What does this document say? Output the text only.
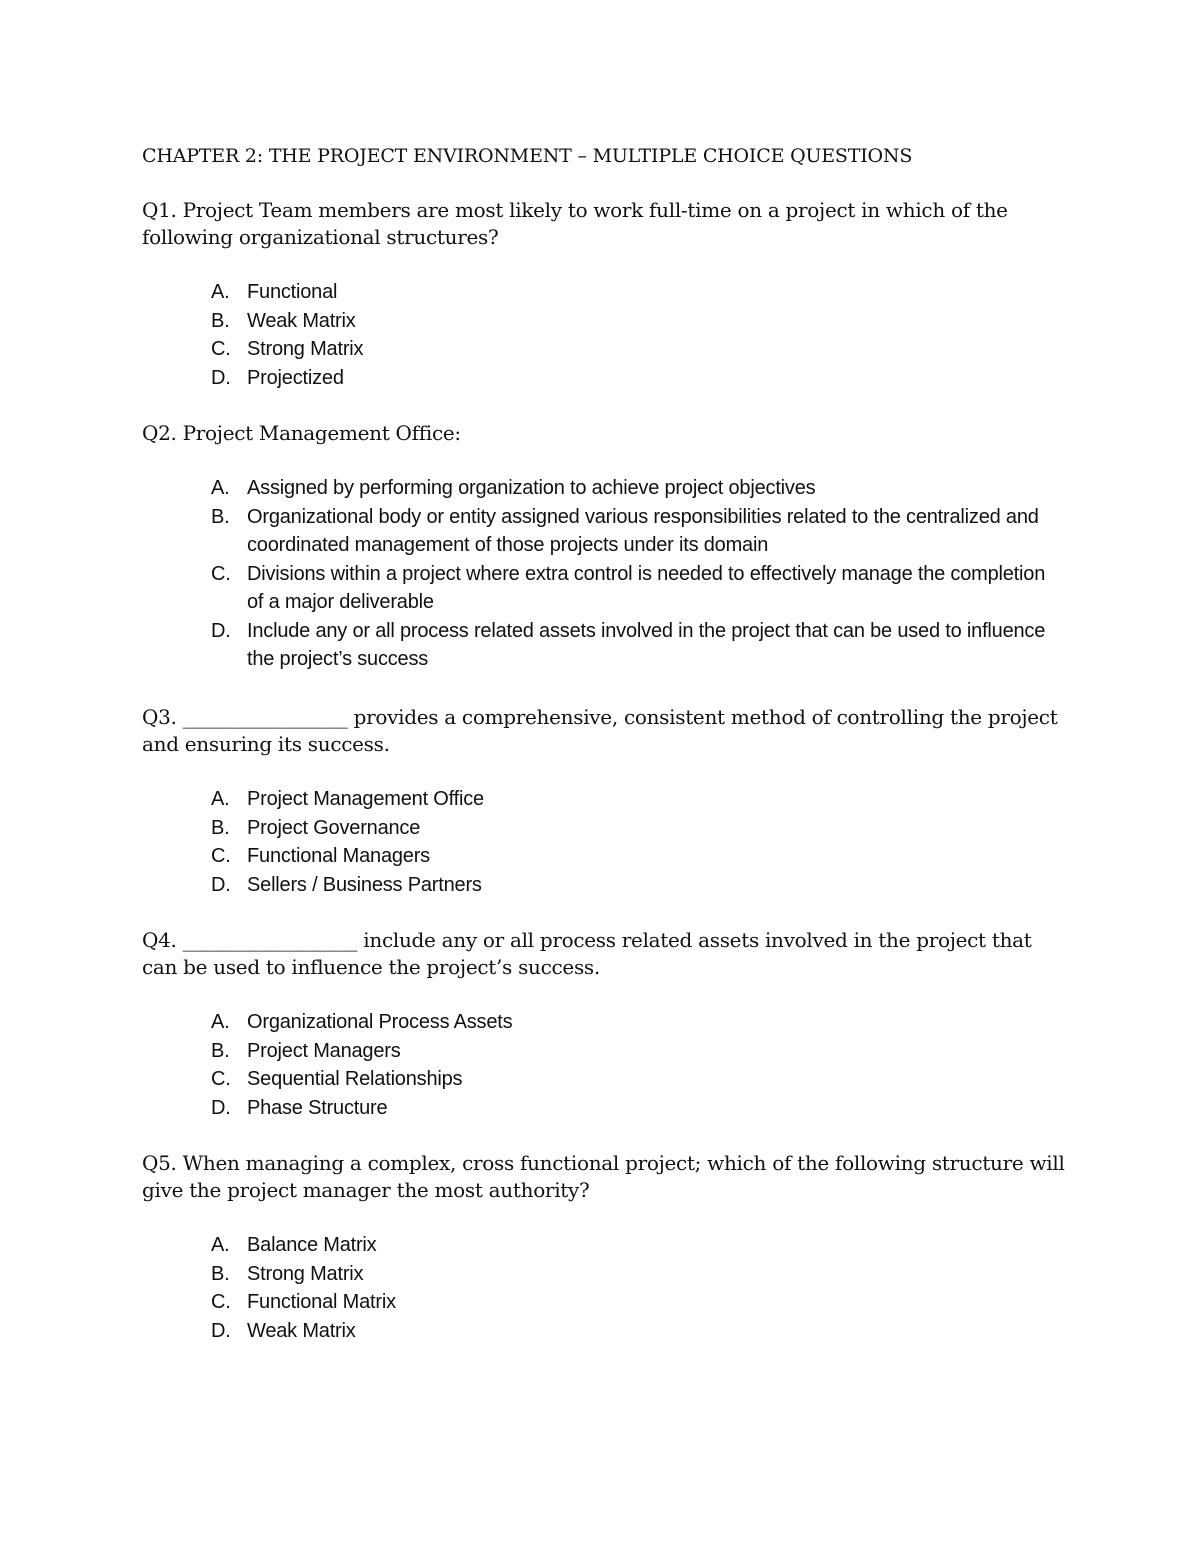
CHAPTER 2: THE PROJECT ENVIRONMENT – MULTIPLE CHOICE QUESTIONS
Q1. Project Team members are most likely to work full-time on a project in which of the following organizational structures?
A. Functional
B. Weak Matrix
C. Strong Matrix
D. Projectized
Q2. Project Management Office:
A. Assigned by performing organization to achieve project objectives
B. Organizational body or entity assigned various responsibilities related to the centralized and coordinated management of those projects under its domain
C. Divisions within a project where extra control is needed to effectively manage the completion of a major deliverable
D. Include any or all process related assets involved in the project that can be used to influence the project’s success
Q3. _________________ provides a comprehensive, consistent method of controlling the project and ensuring its success.
A. Project Management Office
B. Project Governance
C. Functional Managers
D. Sellers / Business Partners
Q4. __________________ include any or all process related assets involved in the project that can be used to influence the project’s success.
A. Organizational Process Assets
B. Project Managers
C. Sequential Relationships
D. Phase Structure
Q5. When managing a complex, cross functional project; which of the following structure will give the project manager the most authority?
A. Balance Matrix
B. Strong Matrix
C. Functional Matrix
D. Weak Matrix
